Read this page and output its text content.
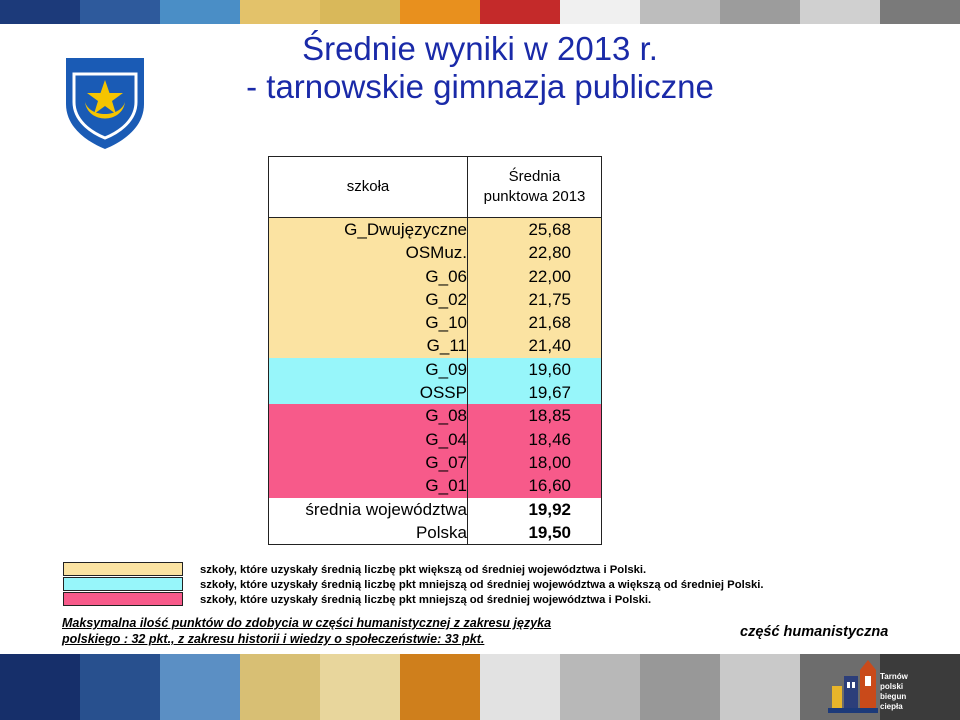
Średnie wyniki w 2013 r.
- tarnowskie gimnazja publiczne
szkoła	Średnia
punktowa 2013
G_Dwujęzyczne	25,68
OSMuz.	22,80
G_06	22,00
G_02	21,75
G_10	21,68
G_11	21,40
G_09	19,60
OSSP	19,67
G_08	18,85
G_04	18,46
G_07	18,00
G_01	16,60
średnia województwa	19,92
Polska	19,50
szkoły, które uzyskały średnią liczbę pkt większą od średniej województwa i Polski.
szkoły, które uzyskały średnią liczbę pkt mniejszą od średniej województwa a większą od średniej Polski.
szkoły, które uzyskały średnią liczbę pkt mniejszą od średniej województwa i Polski.
Maksymalna ilość punktów do zdobycia w części humanistycznej z zakresu języka
polskiego : 32 pkt., z zakresu historii i wiedzy o społeczeństwie: 33 pkt.	część humanistyczna
Tarnów
polski
biegun
ciepła
